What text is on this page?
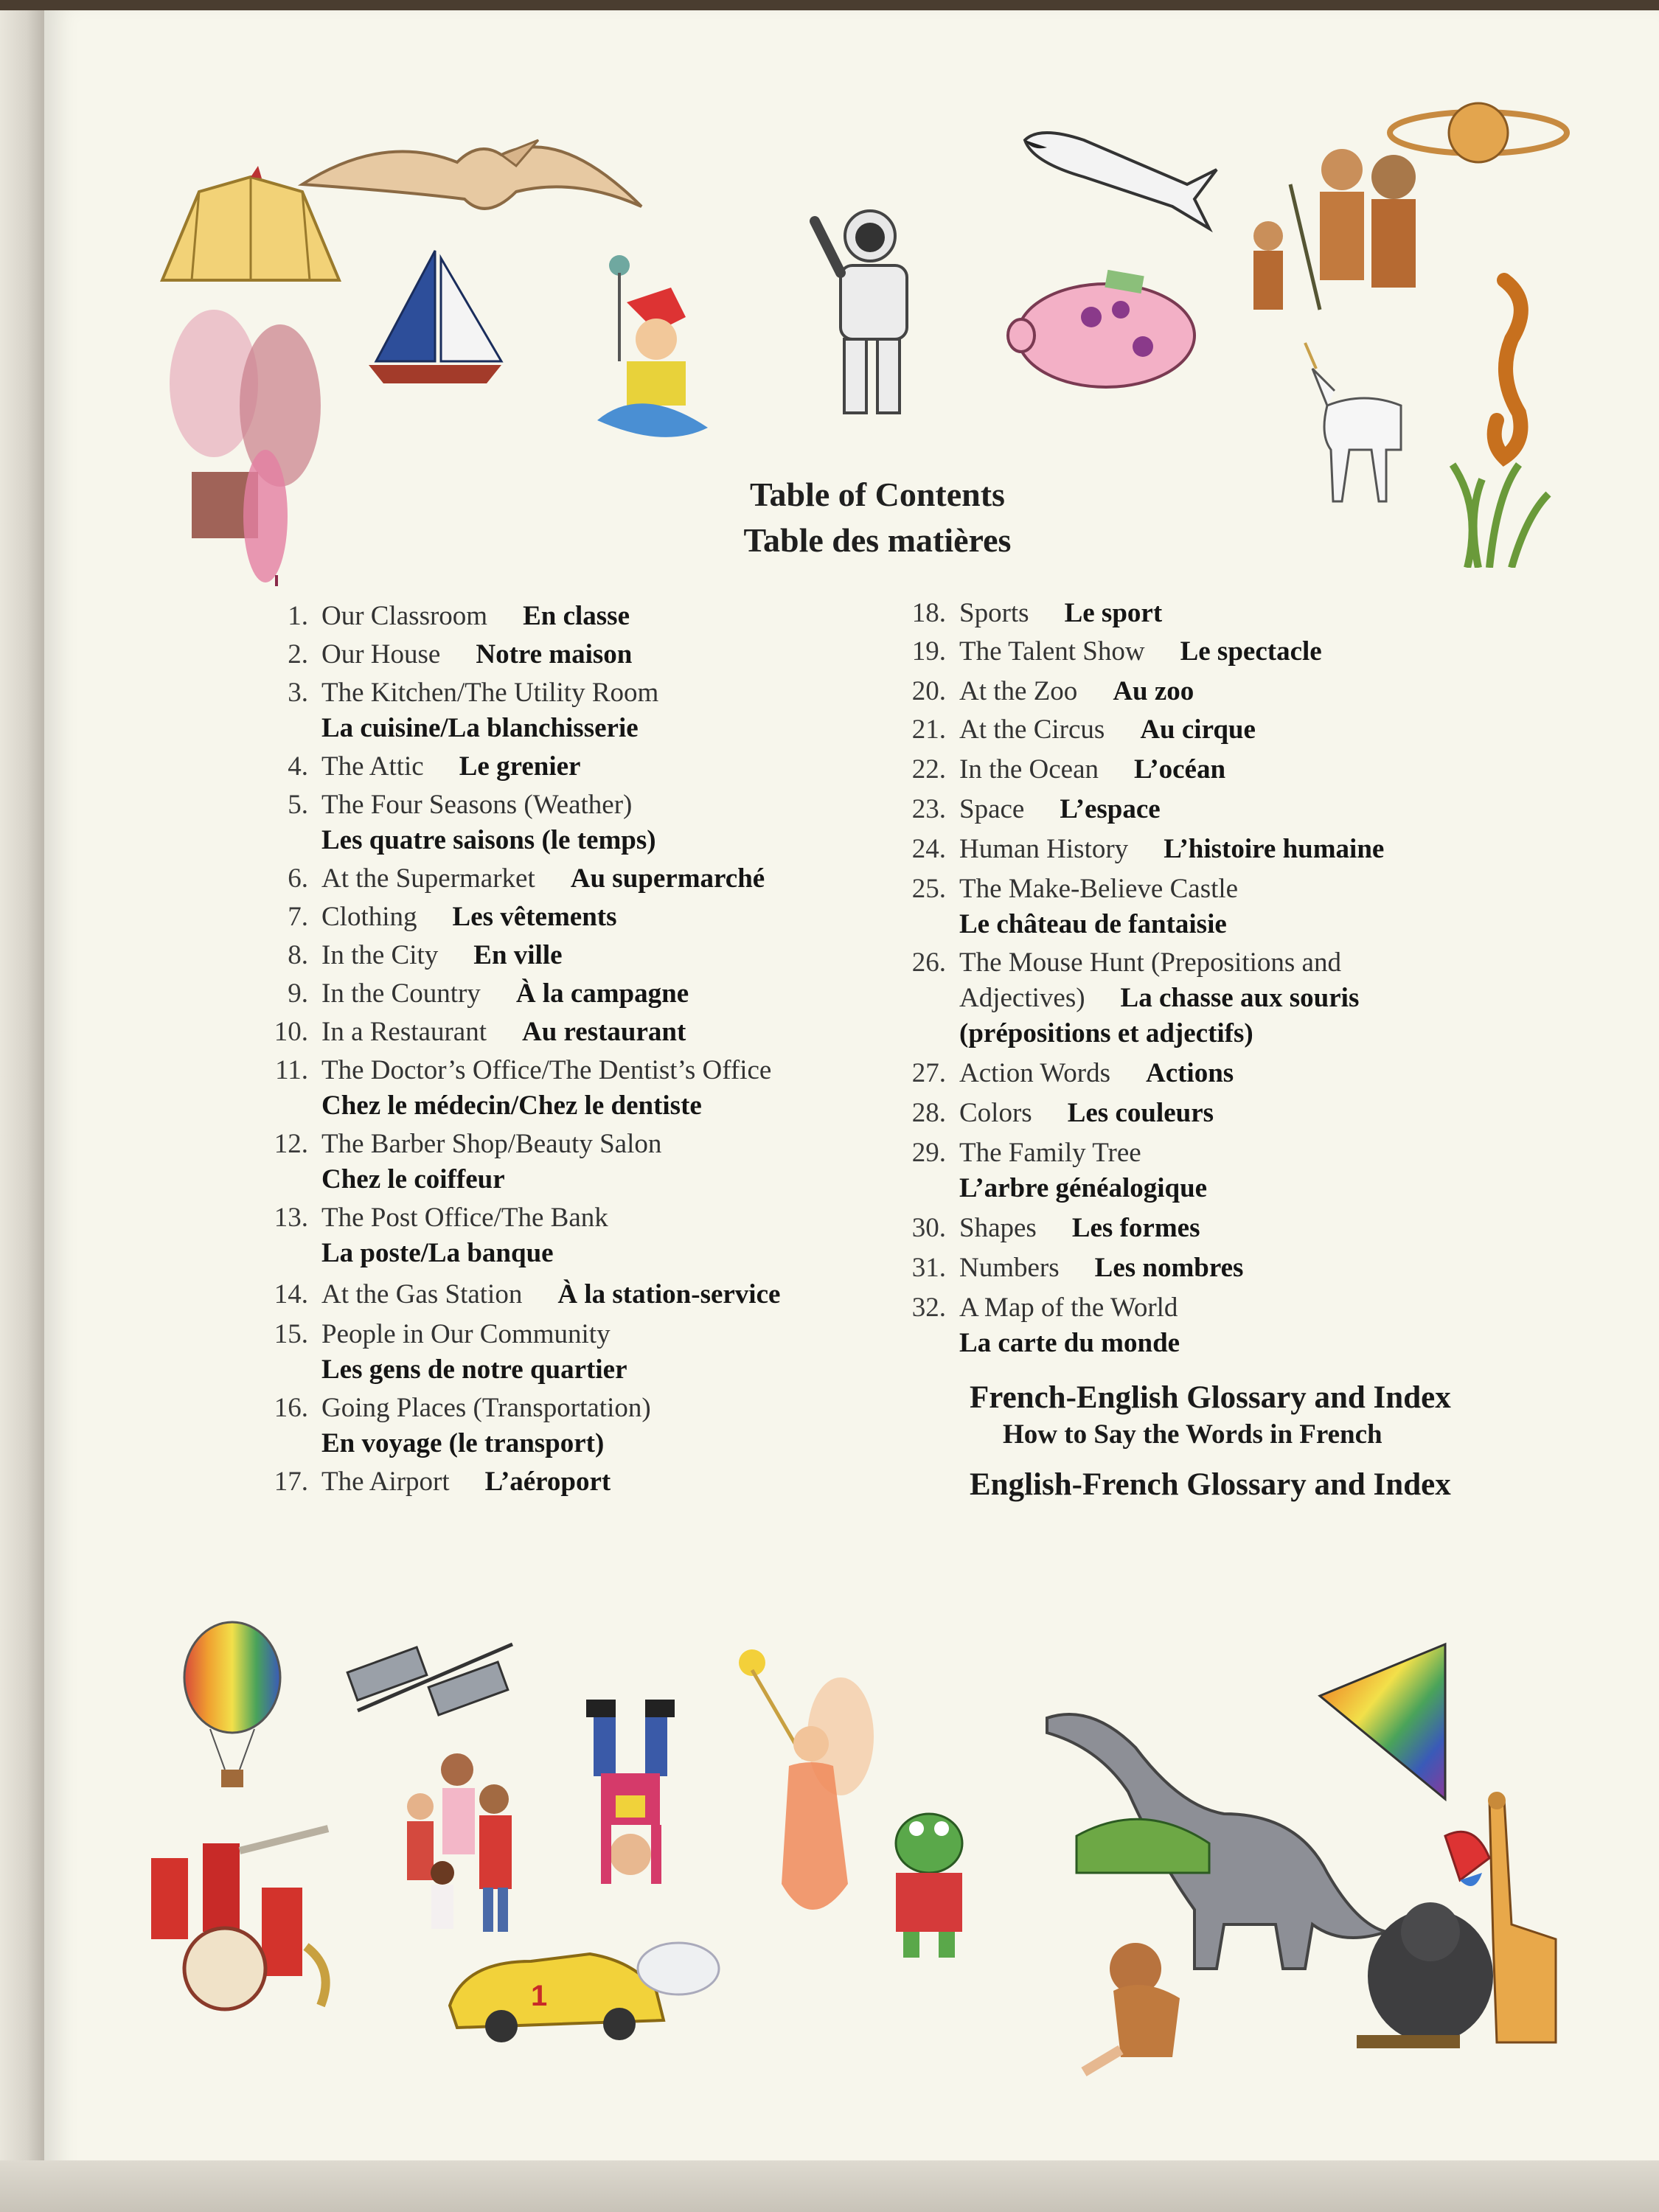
Table of Contents
Table des matières
1. Our Classroom En classe
2. Our House Notre maison
3. The Kitchen/The Utility Room
La cuisine/La blanchisserie
4. The Attic Le grenier
5. The Four Seasons (Weather)
Les quatre saisons (le temps)
6. At the Supermarket Au supermarché
7. Clothing Les vêtements
8. In the City En ville
9. In the Country À la campagne
10. In a Restaurant Au restaurant
11. The Doctor’s Office/The Dentist’s Office
Chez le médecin/Chez le dentiste
12. The Barber Shop/Beauty Salon
Chez le coiffeur
13. The Post Office/The Bank
La poste/La banque
14. At the Gas Station À la station-service
15. People in Our Community
Les gens de notre quartier
16. Going Places (Transportation)
En voyage (le transport)
17. The Airport L’aéroport
18. Sports Le sport
19. The Talent Show Le spectacle
20. At the Zoo Au zoo
21. At the Circus Au cirque
22. In the Ocean L’océan
23. Space L’espace
24. Human History L’histoire humaine
25. The Make-Believe Castle
Le château de fantaisie
26. The Mouse Hunt (Prepositions and
Adjectives) La chasse aux souris
(prépositions et adjectifs)
27. Action Words Actions
28. Colors Les couleurs
29. The Family Tree
L’arbre généalogique
30. Shapes Les formes
31. Numbers Les nombres
32. A Map of the World
La carte du monde
French-English Glossary and Index
How to Say the Words in French
English-French Glossary and Index
1
